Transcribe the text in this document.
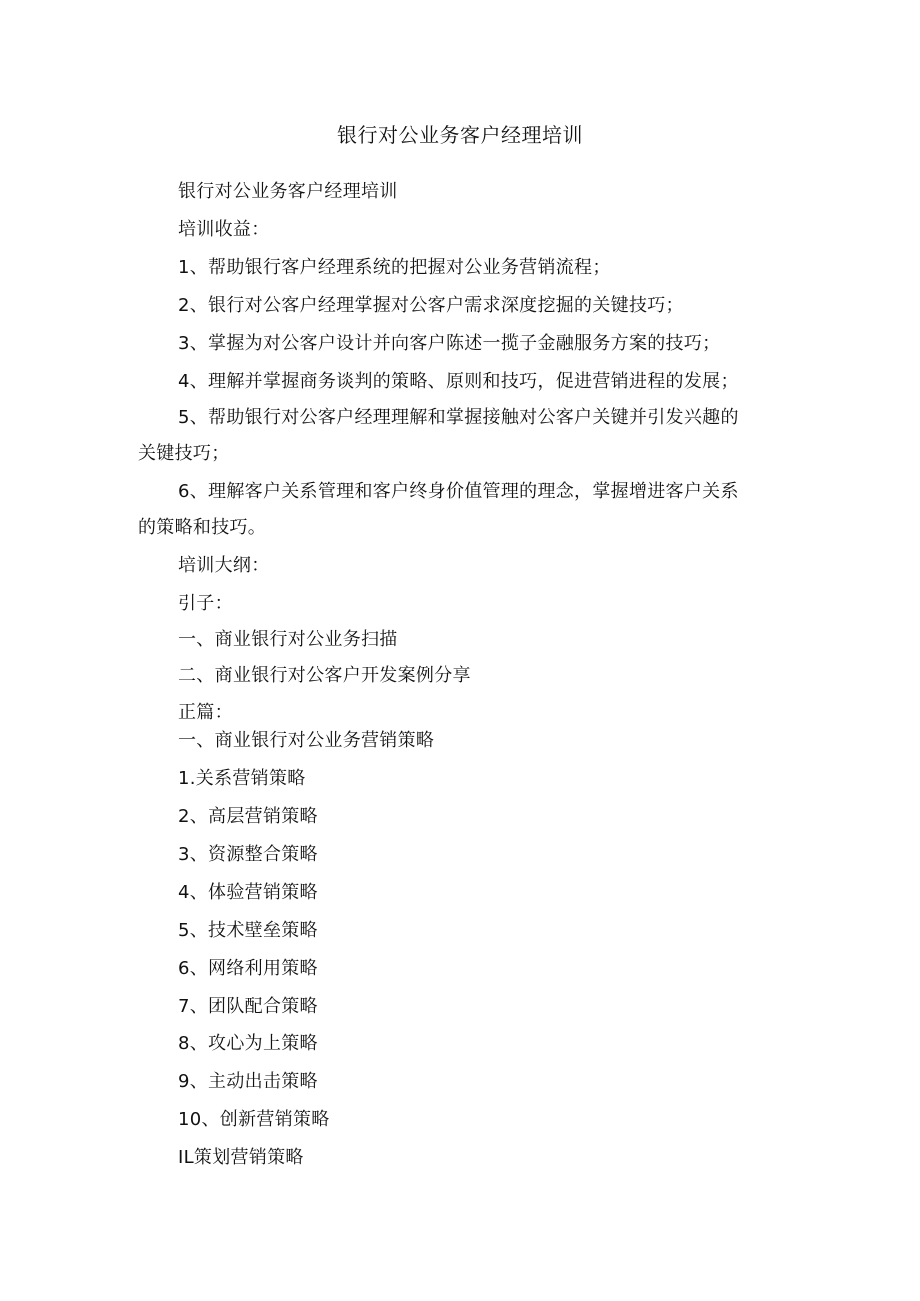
银行对公业务客户经理培训
银行对公业务客户经理培训
培训收益：
1、帮助银行客户经理系统的把握对公业务营销流程；
2、银行对公客户经理掌握对公客户需求深度挖掘的关键技巧；
3、掌握为对公客户设计并向客户陈述一揽子金融服务方案的技巧；
4、理解并掌握商务谈判的策略、原则和技巧，促进营销进程的发展；
5、帮助银行对公客户经理理解和掌握接触对公客户关键并引发兴趣的
关键技巧；
6、理解客户关系管理和客户终身价值管理的理念，掌握增进客户关系
的策略和技巧。
培训大纲：
引子：
一、商业银行对公业务扫描
二、商业银行对公客户开发案例分享
正篇：
一、商业银行对公业务营销策略
1.关系营销策略
2、高层营销策略
3、资源整合策略
4、体验营销策略
5、技术壁垒策略
6、网络利用策略
7、团队配合策略
8、攻心为上策略
9、主动出击策略
10、创新营销策略
IL策划营销策略
